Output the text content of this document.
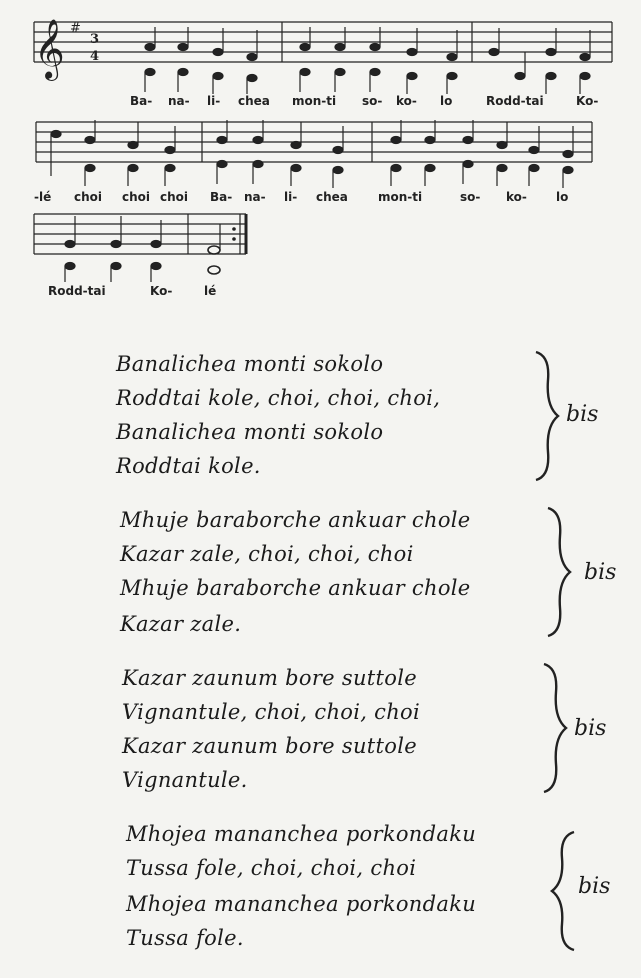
𝄞 #
3
4
Ba- na- li- chea mon-ti so- ko- lo	Rodd-tai	Ko-
-lé choi choi choi Ba- na- li- chea	mon-ti	so- ko- lo
Rodd-tai	Ko-	lé
Banalichea monti sokolo
Roddtai kole, choi, choi, choi,
Banalichea monti sokolo
Roddtai kole.
bis
Mhuje baraborche ankuar chole
Kazar zale, choi, choi, choi
Mhuje baraborche ankuar chole
Kazar zale.
bis
Kazar zaunum bore suttole
Vignantule, choi, choi, choi
Kazar zaunum bore suttole
Vignantule.
bis
Mhojea mananchea porkondaku
Tussa fole, choi, choi, choi
Mhojea mananchea porkondaku
Tussa fole.
bis
